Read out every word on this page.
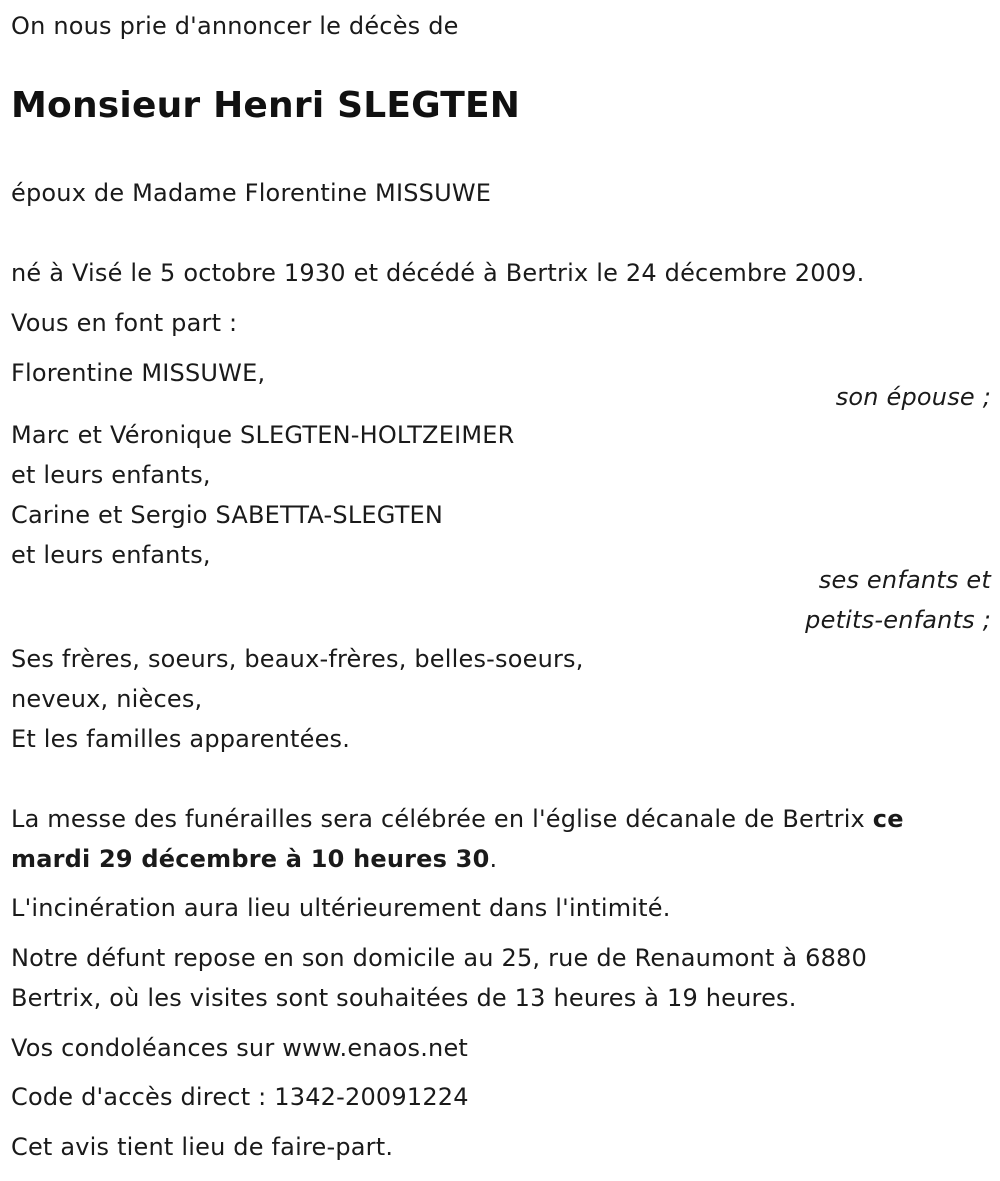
On nous prie d'annoncer le décès de
Monsieur Henri SLEGTEN
époux de Madame Florentine MISSUWE
né à Visé le 5 octobre 1930 et décédé à Bertrix le 24 décembre 2009.
Vous en font part :
Florentine MISSUWE,
son épouse ;
Marc et Véronique SLEGTEN-HOLTZEIMER
et leurs enfants,
Carine et Sergio SABETTA-SLEGTEN
et leurs enfants,
ses enfants et
petits-enfants ;
Ses frères, soeurs, beaux-frères, belles-soeurs,
neveux, nièces,
Et les familles apparentées.
La messe des funérailles sera célébrée en l'église décanale de Bertrix ce
mardi 29 décembre à 10 heures 30.
L'incinération aura lieu ultérieurement dans l'intimité.
Notre défunt repose en son domicile au 25, rue de Renaumont à 6880
Bertrix, où les visites sont souhaitées de 13 heures à 19 heures.
Vos condoléances sur www.enaos.net
Code d'accès direct : 1342-20091224
Cet avis tient lieu de faire-part.
